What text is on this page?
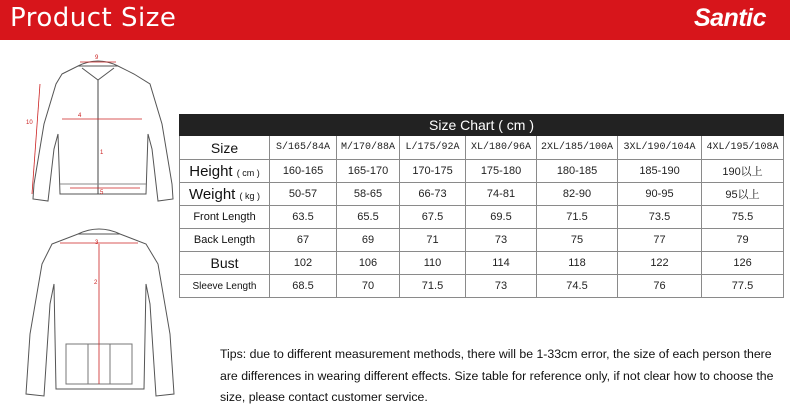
Product Size	Santic
9
4
1
10
5
3
2
Size Chart ( cm )							
Size	S/165/84A	M/170/88A	L/175/92A	XL/180/96A	2XL/185/100A	3XL/190/104A	4XL/195/108A
Height ( cm )	160-165	165-170	170-175	175-180	180-185	185-190	190以上
Weight ( kg )	50-57	58-65	66-73	74-81	82-90	90-95	95以上
Front Length	63.5	65.5	67.5	69.5	71.5	73.5	75.5
Back Length	67	69	71	73	75	77	79
Bust	102	106	110	114	118	122	126
Sleeve Length	68.5	70	71.5	73	74.5	76	77.5
Tips: due to different measurement methods, there will be 1-33cm error, the size of each person there are differences in wearing different effects. Size table for reference only, if not clear how to choose the size, please contact customer service.
